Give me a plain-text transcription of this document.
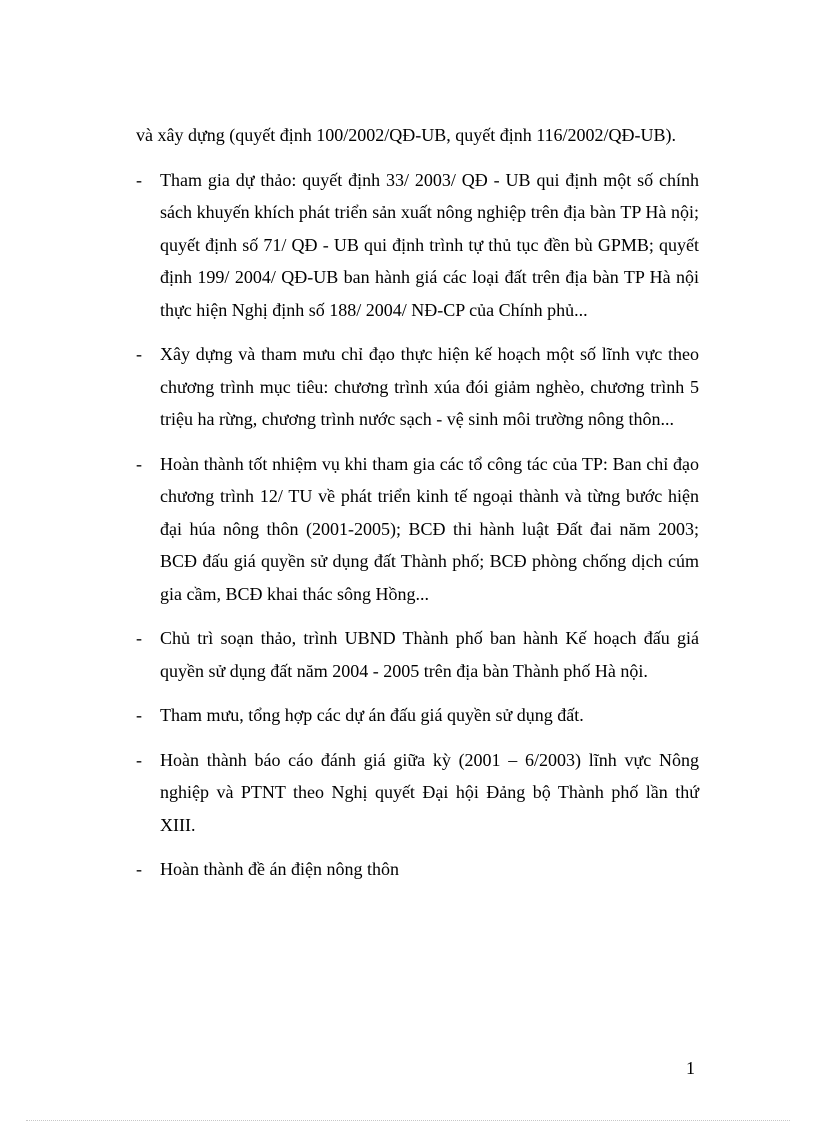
và xây dựng (quyết định 100/2002/QĐ-UB, quyết định 116/2002/QĐ-UB).

- Tham gia dự thảo: quyết định 33/ 2003/ QĐ - UB qui định một số chính sách khuyến khích phát triển sản xuất nông nghiệp trên địa bàn TP Hà nội; quyết định số 71/ QĐ - UB qui định trình tự thủ tục đền bù GPMB; quyết định 199/ 2004/ QĐ-UB ban hành giá các loại đất trên địa bàn TP Hà nội thực hiện Nghị định số 188/ 2004/ NĐ-CP của Chính phủ...
- Xây dựng và tham mưu chỉ đạo thực hiện kế hoạch một số lĩnh vực theo chương trình mục tiêu: chương trình xúa đói giảm nghèo, chương trình 5 triệu ha rừng, chương trình nước sạch - vệ sinh môi trường nông thôn...
- Hoàn thành tốt nhiệm vụ khi tham gia các tổ công tác của TP: Ban chỉ đạo chương trình 12/ TU về phát triển kinh tế ngoại thành và từng bước hiện đại húa nông thôn (2001-2005); BCĐ thi hành luật Đất đai năm 2003; BCĐ đấu giá quyền sử dụng đất Thành phố; BCĐ phòng chống dịch cúm gia cầm, BCĐ khai thác sông Hồng...
- Chủ trì soạn thảo, trình UBND Thành phố ban hành Kế hoạch đấu giá quyền sử dụng đất năm 2004 - 2005 trên địa bàn Thành phố Hà nội.
- Tham mưu, tổng hợp các dự án đấu giá quyền sử dụng đất.
- Hoàn thành báo cáo đánh giá giữa kỳ (2001 – 6/2003) lĩnh vực Nông nghiệp và PTNT theo Nghị quyết Đại hội Đảng bộ Thành phố lần thứ XIII.
- Hoàn thành đề án điện nông thôn
1
